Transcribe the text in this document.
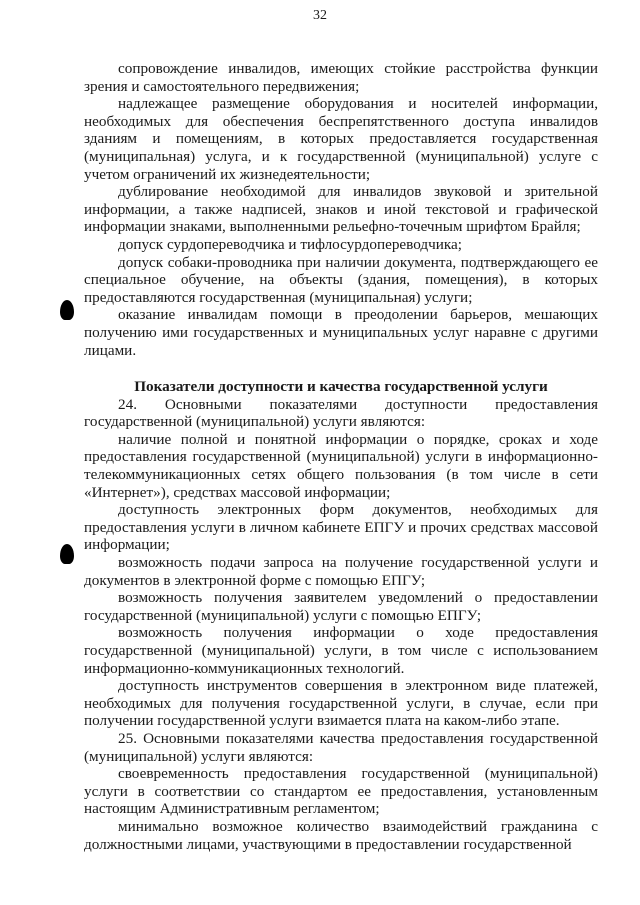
32

сопровождение инвалидов, имеющих стойкие расстройства функции зрения и самостоятельного передвижения;

надлежащее размещение оборудования и носителей информации, необходимых для обеспечения беспрепятственного доступа инвалидов зданиям и помещениям, в которых предоставляется государственная (муниципальная) услуга, и к государственной (муниципальной) услуге с учетом ограничений их жизнедеятельности;

дублирование необходимой для инвалидов звуковой и зрительной информации, а также надписей, знаков и иной текстовой и графической информации знаками, выполненными рельефно-точечным шрифтом Брайля;

допуск сурдопереводчика и тифлосурдопереводчика;

допуск собаки-проводника при наличии документа, подтверждающего ее специальное обучение, на объекты (здания, помещения), в которых предоставляются государственная (муниципальная) услуги;

оказание инвалидам помощи в преодолении барьеров, мешающих получению ими государственных и муниципальных услуг наравне с другими лицами.

Показатели доступности и качества государственной услуги

24. Основными показателями доступности предоставления государственной (муниципальной) услуги являются:

наличие полной и понятной информации о порядке, сроках и ходе предоставления государственной (муниципальной) услуги в информационно-телекоммуникационных сетях общего пользования (в том числе в сети «Интернет»), средствах массовой информации;

доступность электронных форм документов, необходимых для предоставления услуги в личном кабинете ЕПГУ и прочих средствах массовой информации;

возможность подачи запроса на получение государственной услуги и документов в электронной форме с помощью ЕПГУ;

возможность получения заявителем уведомлений о предоставлении государственной (муниципальной) услуги с помощью ЕПГУ;

возможность получения информации о ходе предоставления государственной (муниципальной) услуги, в том числе с использованием информационно-коммуникационных технологий.

доступность инструментов совершения в электронном виде платежей, необходимых для получения государственной услуги, в случае, если при получении государственной услуги взимается плата на каком-либо этапе.

25. Основными показателями качества предоставления государственной (муниципальной) услуги являются:

своевременность предоставления государственной (муниципальной) услуги в соответствии со стандартом ее предоставления, установленным настоящим Административным регламентом;

минимально возможное количество взаимодействий гражданина с должностными лицами, участвующими в предоставлении государственной
